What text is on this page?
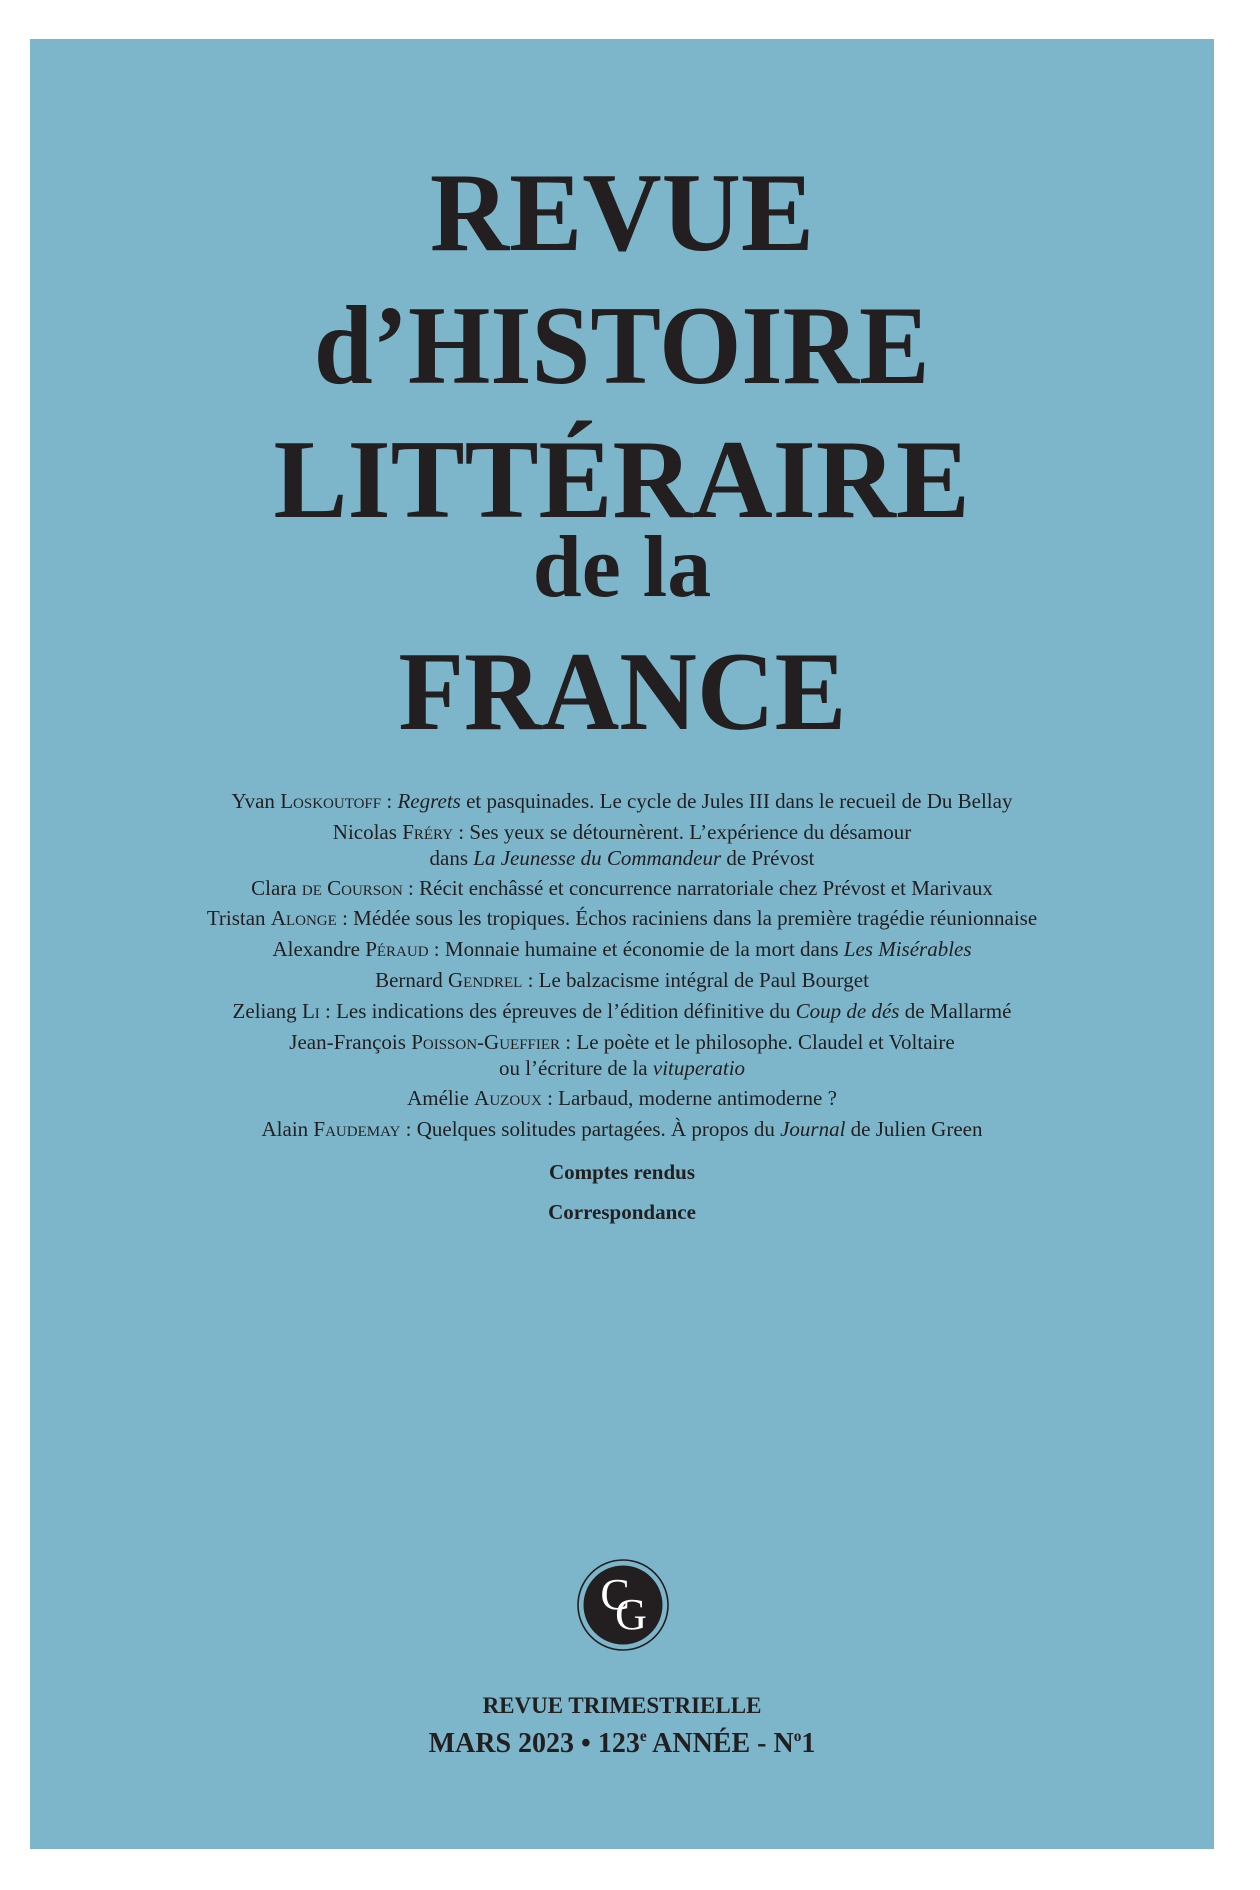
REVUE
d’HISTOIRE
LITTÉRAIRE
de la
FRANCE
Yvan Loskoutoff : Regrets et pasquinades. Le cycle de Jules III dans le recueil de Du Bellay
Nicolas Fréry : Ses yeux se détournèrent. L’expérience du désamour
dans La Jeunesse du Commandeur de Prévost
Clara de Courson : Récit enchâssé et concurrence narratoriale chez Prévost et Marivaux
Tristan Alonge : Médée sous les tropiques. Échos raciniens dans la première tragédie réunionnaise
Alexandre Péraud : Monnaie humaine et économie de la mort dans Les Misérables
Bernard Gendrel : Le balzacisme intégral de Paul Bourget
Zeliang Li : Les indications des épreuves de l’édition définitive du Coup de dés de Mallarmé
Jean-François Poisson-Gueffier : Le poète et le philosophe. Claudel et Voltaire
ou l’écriture de la vituperatio
Amélie Auzoux : Larbaud, moderne antimoderne ?
Alain Faudemay : Quelques solitudes partagées. À propos du Journal de Julien Green
Comptes rendus
Correspondance
C
G
REVUE TRIMESTRIELLE
MARS 2023 • 123e ANNÉE - $N^o1$
